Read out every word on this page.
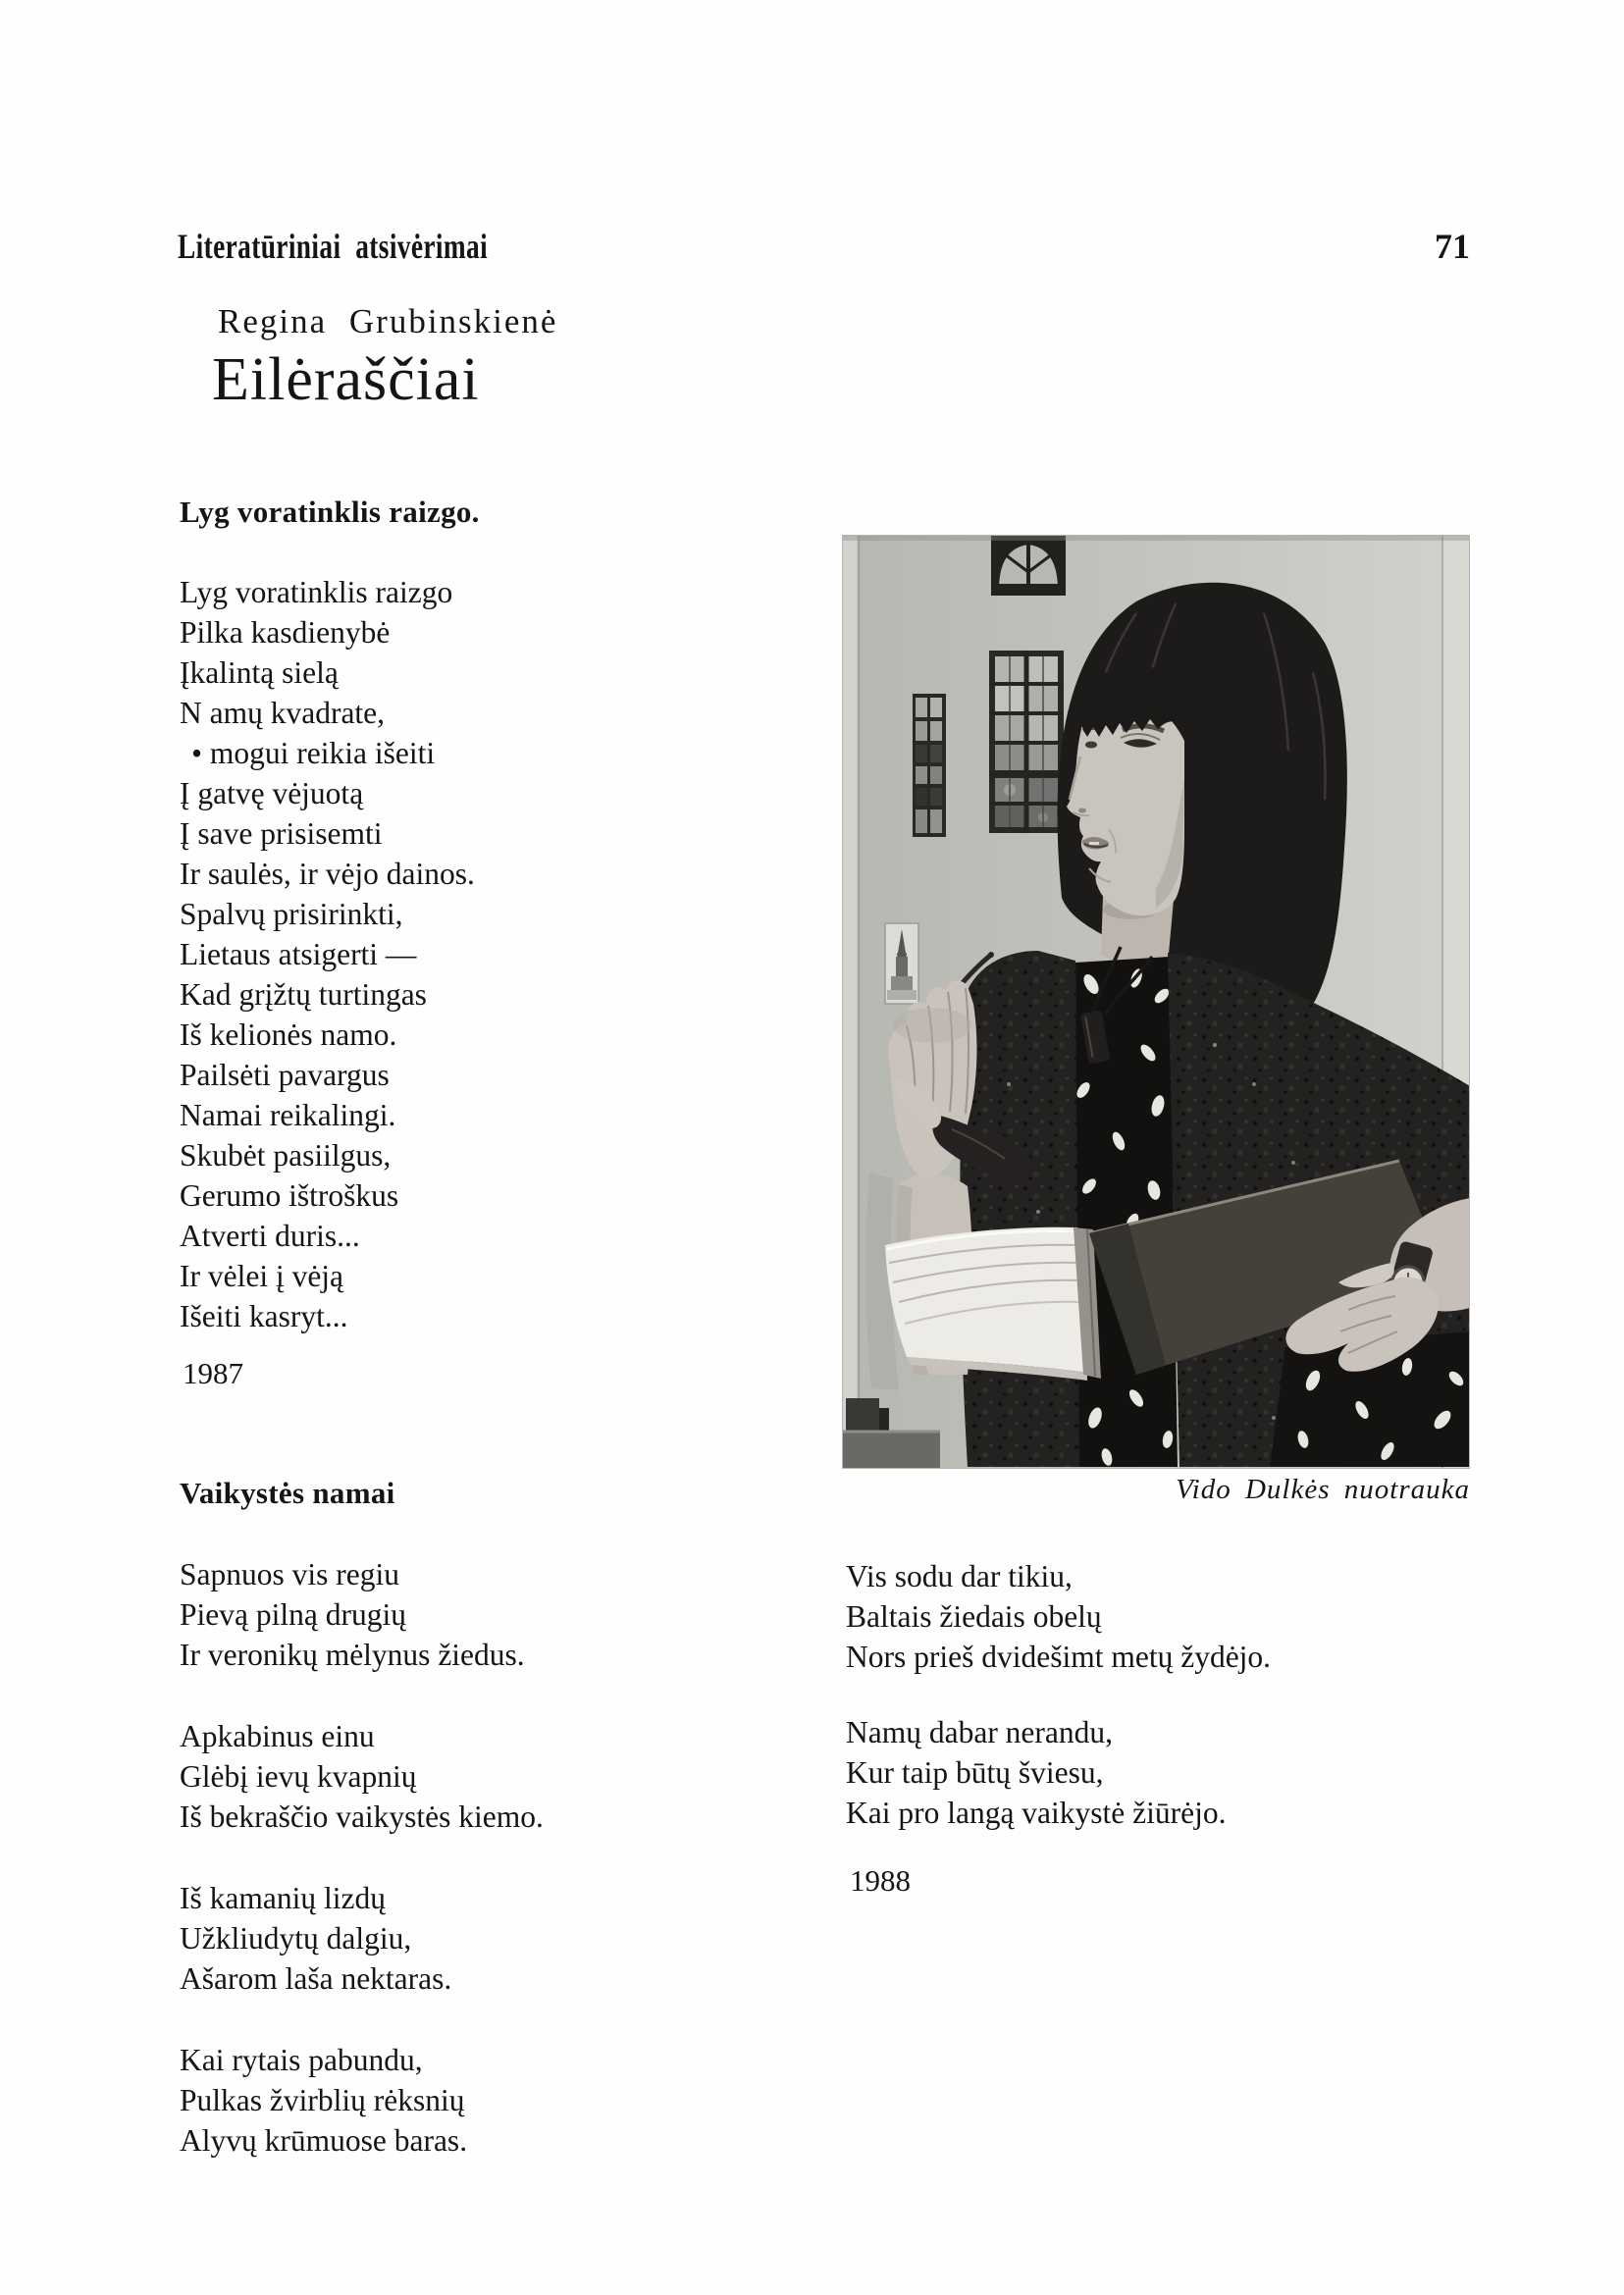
Literatūriniai atsivėrimai	71
Regina Grubinskienė
Eilėraščiai
Lyg voratinklis raizgo.

Lyg voratinklis raizgo

Pilka kasdienybė

Įkalintą sielą

N amų kvadrate,

• mogui reikia išeiti

Į gatvę vėjuotą

Į save prisisemti

Ir saulės, ir vėjo dainos.

Spalvų prisirinkti,

Lietaus atsigerti —

Kad grįžtų turtingas

Iš kelionės namo.

Pailsėti pavargus

Namai reikalingi.

Skubėt pasiilgus,

Gerumo ištroškus

Atverti duris...

Ir vėlei į vėją

Išeiti kasryt...

1987
Vido Dulkės nuotrauka
Vaikystės namai

Sapnuos vis regiu

Pievą pilną drugių

Ir veronikų mėlynus žiedus.

Apkabinus einu

Glėbį ievų kvapnių

Iš bekraščio vaikystės kiemo.

Iš kamanių lizdų

Užkliudytų dalgiu,

Ašarom laša nektaras.

Kai rytais pabundu,

Pulkas žvirblių rėksnių

Alyvų krūmuose baras.

Vis sodu dar tikiu,

Baltais žiedais obelų

Nors prieš dvidešimt metų žydėjo.

Namų dabar nerandu,

Kur taip būtų šviesu,

Kai pro langą vaikystė žiūrėjo.

1988
